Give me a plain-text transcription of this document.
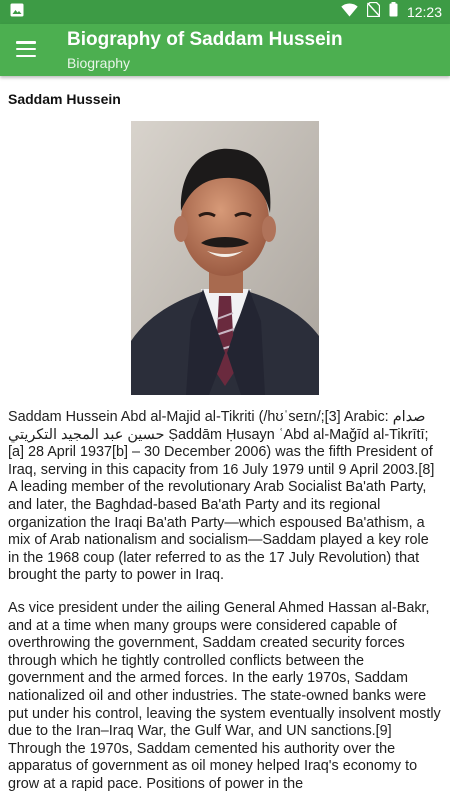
12:23
Biography of Saddam Hussein
Biography
Saddam Hussein

Saddam Hussein Abd al-Majid al-Tikriti (/hʊˈseɪn/;[3] Arabic: صدام حسين عبد المجيد التكريتي Ṣaddām Ḥusayn ʿAbd al-Maǧīd al-Tikrītī;[a] 28 April 1937[b] – 30 December 2006) was the fifth President of Iraq, serving in this capacity from 16 July 1979 until 9 April 2003.[8] A leading member of the revolutionary Arab Socialist Ba'ath Party, and later, the Baghdad-based Ba'ath Party and its regional organization the Iraqi Ba'ath Party—which espoused Ba'athism, a mix of Arab nationalism and socialism—Saddam played a key role in the 1968 coup (later referred to as the 17 July Revolution) that brought the party to power in Iraq.

As vice president under the ailing General Ahmed Hassan al-Bakr, and at a time when many groups were considered capable of overthrowing the government, Saddam created security forces through which he tightly controlled conflicts between the government and the armed forces. In the early 1970s, Saddam nationalized oil and other industries. The state-owned banks were put under his control, leaving the system eventually insolvent mostly due to the Iran–Iraq War, the Gulf War, and UN sanctions.[9] Through the 1970s, Saddam cemented his authority over the apparatus of government as oil money helped Iraq's economy to grow at a rapid pace. Positions of power in the
